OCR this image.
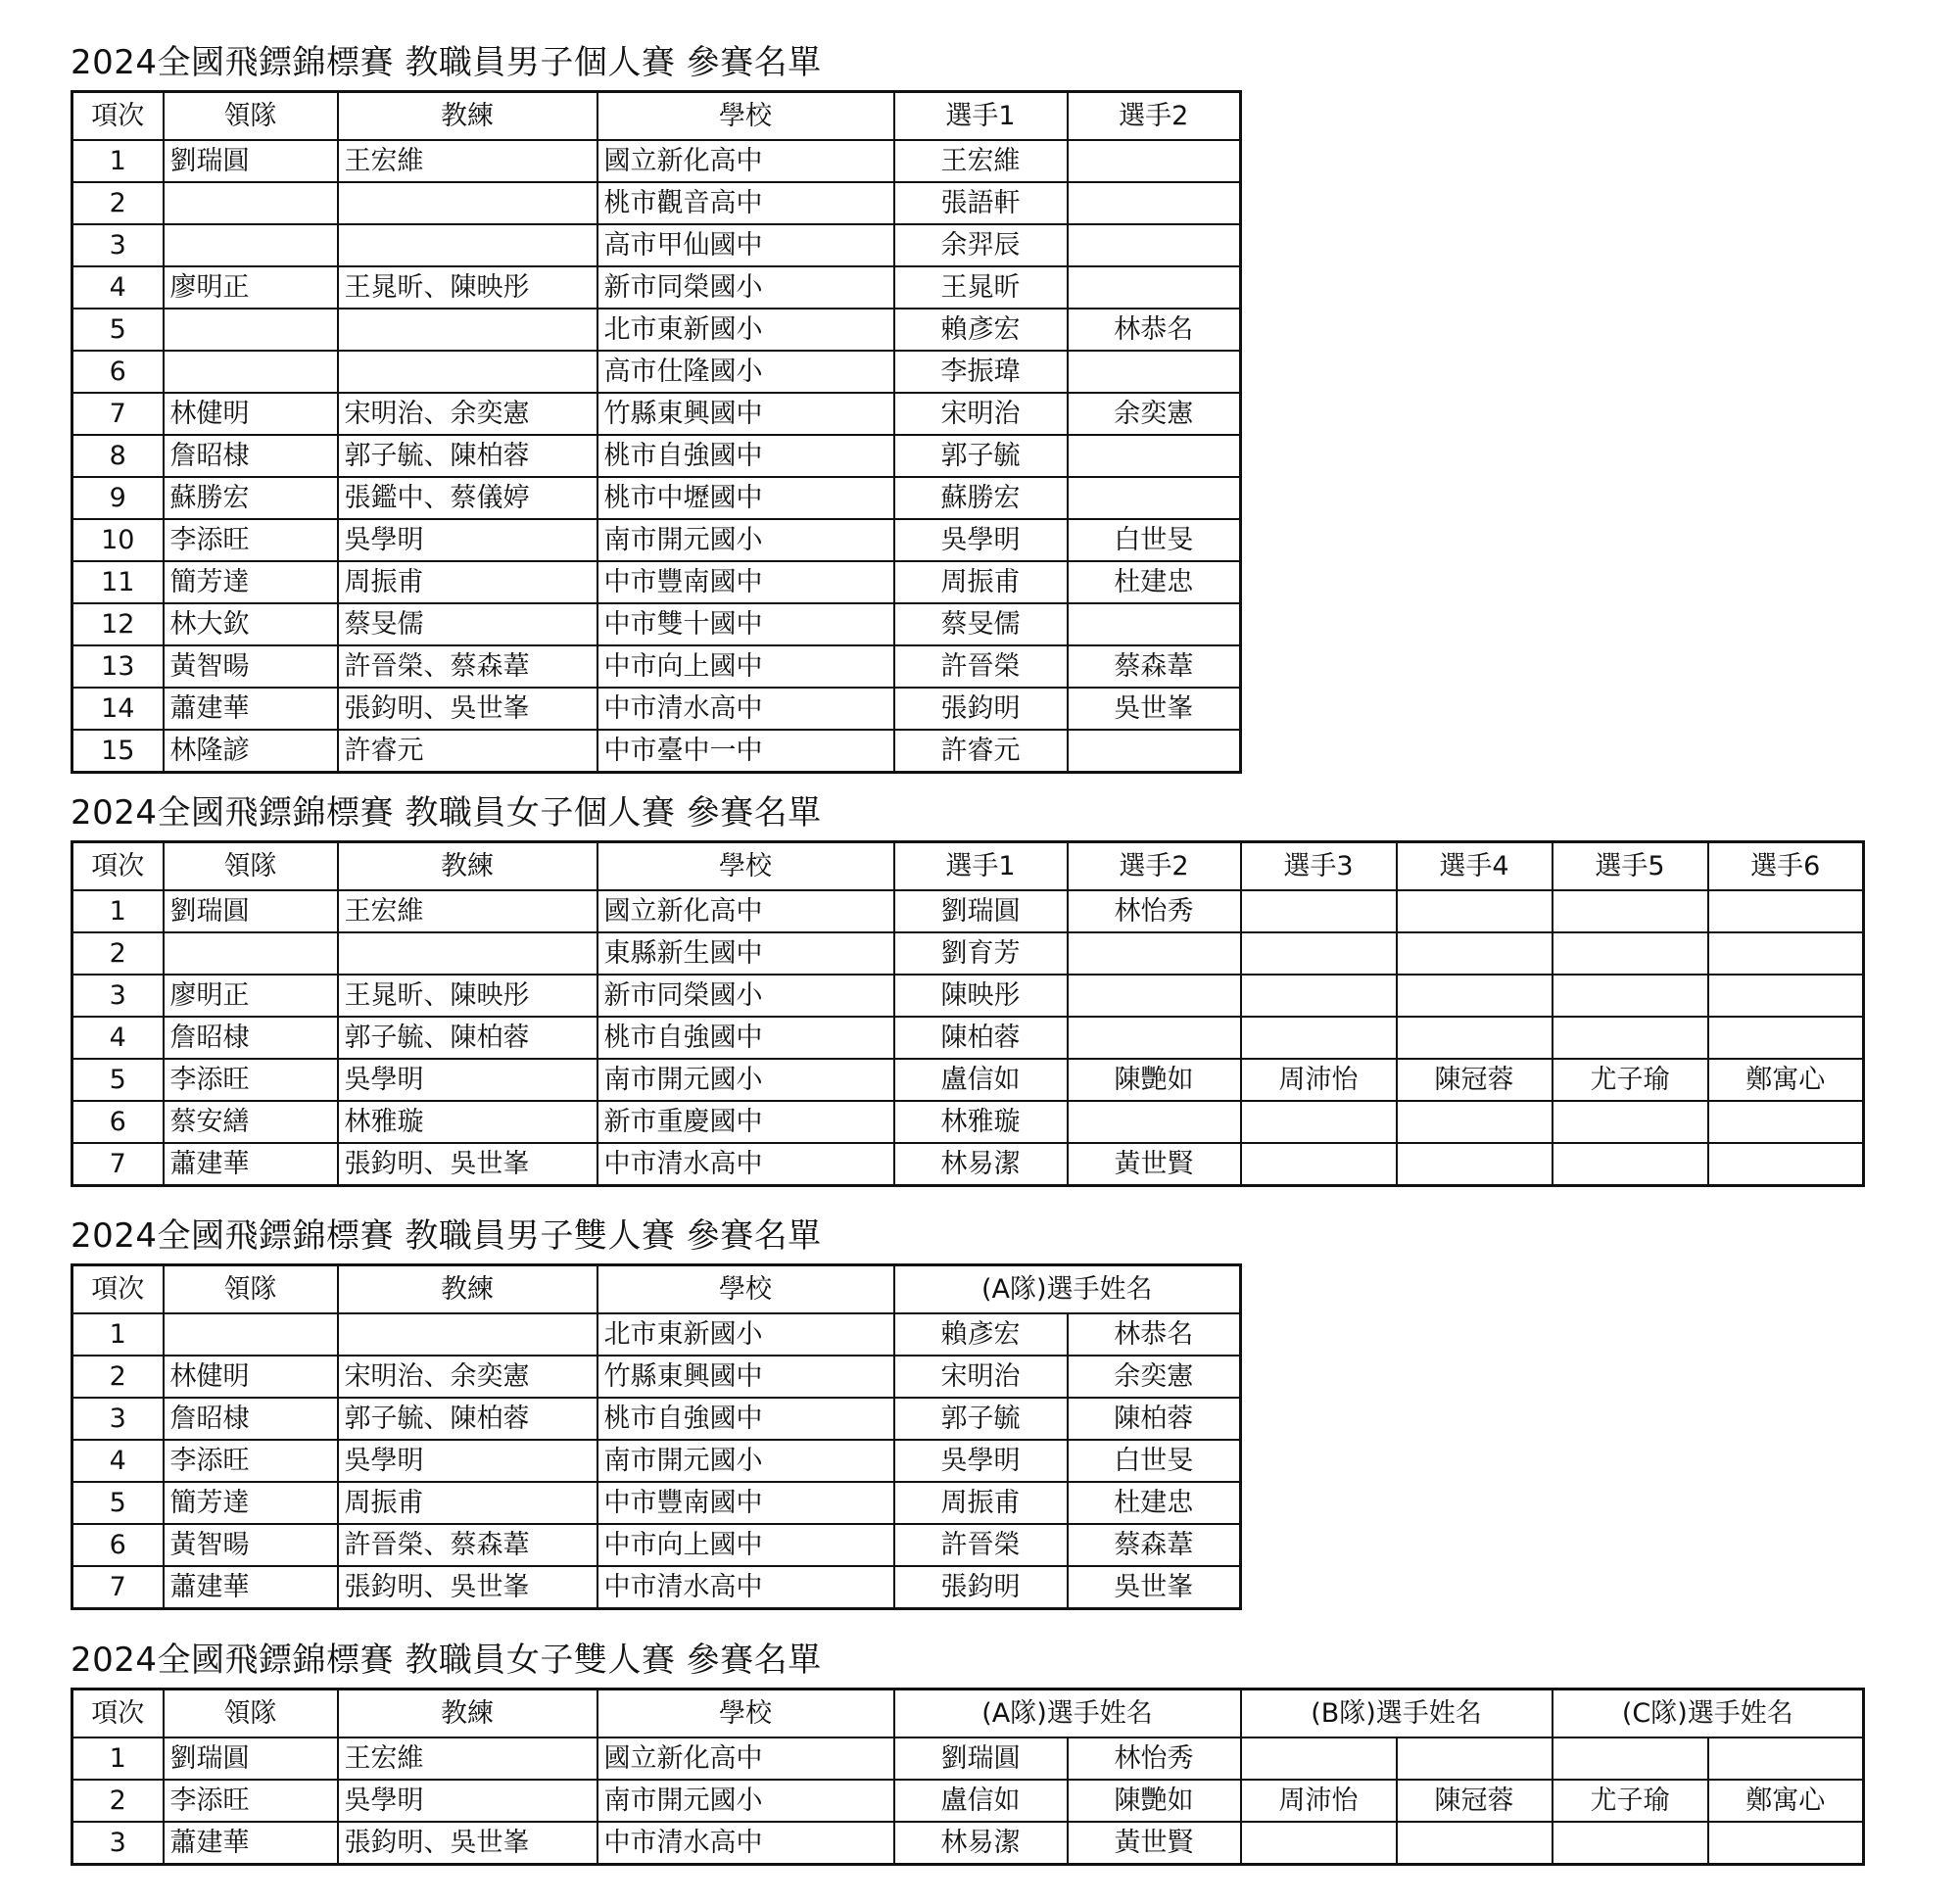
2024全國飛鏢錦標賽 教職員男子個人賽 參賽名單
項次	領隊	教練	學校	選手1	選手2
1	劉瑞圓	王宏維	國立新化高中	王宏維	
2			桃市觀音高中	張語軒	
3			高市甲仙國中	余羿辰	
4	廖明正	王晁昕、陳映彤	新市同榮國小	王晁昕	
5			北市東新國小	賴彥宏	林恭名
6			高市仕隆國小	李振瑋	
7	林健明	宋明治、余奕憲	竹縣東興國中	宋明治	余奕憲
8	詹昭棣	郭子毓、陳柏蓉	桃市自強國中	郭子毓	
9	蘇勝宏	張鑑中、蔡儀婷	桃市中壢國中	蘇勝宏	
10	李添旺	吳學明	南市開元國小	吳學明	白世旻
11	簡芳達	周振甫	中市豐南國中	周振甫	杜建忠
12	林大欽	蔡旻儒	中市雙十國中	蔡旻儒	
13	黃智暘	許晉榮、蔡森葦	中市向上國中	許晉榮	蔡森葦
14	蕭建華	張鈞明、吳世峯	中市清水高中	張鈞明	吳世峯
15	林隆諺	許睿元	中市臺中一中	許睿元	
2024全國飛鏢錦標賽 教職員女子個人賽 參賽名單
項次	領隊	教練	學校	選手1	選手2	選手3	選手4	選手5	選手6
1	劉瑞圓	王宏維	國立新化高中	劉瑞圓	林怡秀				
2			東縣新生國中	劉育芳					
3	廖明正	王晁昕、陳映彤	新市同榮國小	陳映彤					
4	詹昭棣	郭子毓、陳柏蓉	桃市自強國中	陳柏蓉					
5	李添旺	吳學明	南市開元國小	盧信如	陳艷如	周沛怡	陳冠蓉	尤子瑜	鄭寓心
6	蔡安繕	林雅璇	新市重慶國中	林雅璇					
7	蕭建華	張鈞明、吳世峯	中市清水高中	林易潔	黃世賢				
2024全國飛鏢錦標賽 教職員男子雙人賽 參賽名單
項次	領隊	教練	學校	(A隊)選手姓名	
1			北市東新國小	賴彥宏	林恭名
2	林健明	宋明治、余奕憲	竹縣東興國中	宋明治	余奕憲
3	詹昭棣	郭子毓、陳柏蓉	桃市自強國中	郭子毓	陳柏蓉
4	李添旺	吳學明	南市開元國小	吳學明	白世旻
5	簡芳達	周振甫	中市豐南國中	周振甫	杜建忠
6	黃智暘	許晉榮、蔡森葦	中市向上國中	許晉榮	蔡森葦
7	蕭建華	張鈞明、吳世峯	中市清水高中	張鈞明	吳世峯
2024全國飛鏢錦標賽 教職員女子雙人賽 參賽名單
項次	領隊	教練	學校	(A隊)選手姓名		(B隊)選手姓名		(C隊)選手姓名	
1	劉瑞圓	王宏維	國立新化高中	劉瑞圓	林怡秀				
2	李添旺	吳學明	南市開元國小	盧信如	陳艷如	周沛怡	陳冠蓉	尤子瑜	鄭寓心
3	蕭建華	張鈞明、吳世峯	中市清水高中	林易潔	黃世賢				
